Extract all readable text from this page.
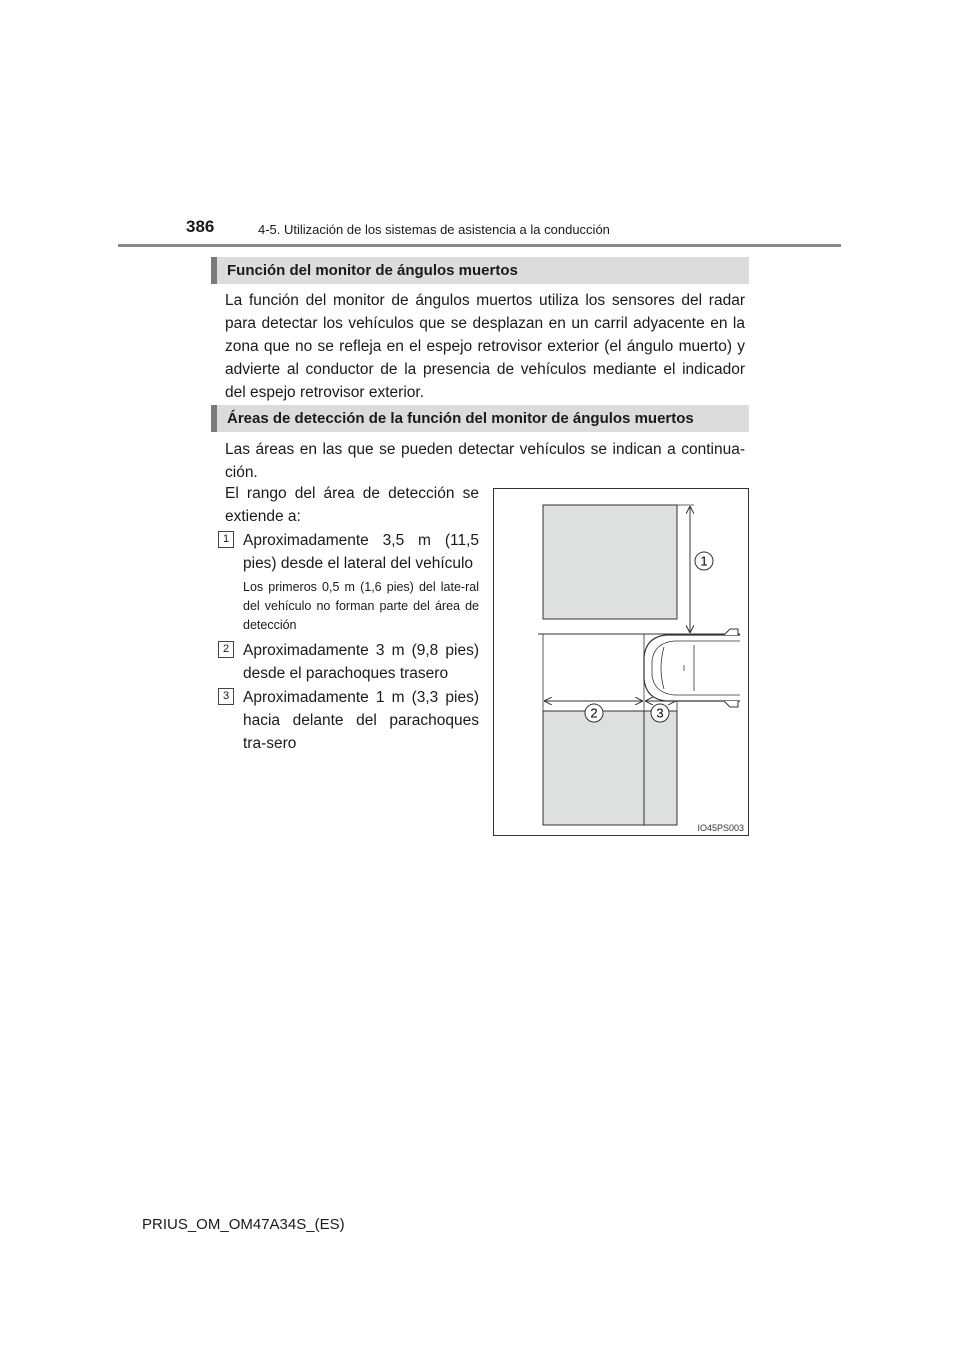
386	4-5. Utilización de los sistemas de asistencia a la conducción
Función del monitor de ángulos muertos
La función del monitor de ángulos muertos utiliza los sensores del radar para detectar los vehículos que se desplazan en un carril adyacente en la zona que no se refleja en el espejo retrovisor exterior (el ángulo muerto) y advierte al conductor de la presencia de vehículos mediante el indicador del espejo retrovisor exterior.
Áreas de detección de la función del monitor de ángulos muertos
Las áreas en las que se pueden detectar vehículos se indican a continua-ción.
El rango del área de detección se extiende a:
1 Aproximadamente 3,5 m (11,5 pies) desde el lateral del vehículo
Los primeros 0,5 m (1,6 pies) del late-ral del vehículo no forman parte del área de detección
2 Aproximadamente 3 m (9,8 pies) desde el parachoques trasero
3 Aproximadamente 1 m (3,3 pies) hacia delante del parachoques tra-sero
1
2	3
IO45PS003
PRIUS_OM_OM47A34S_(ES)
